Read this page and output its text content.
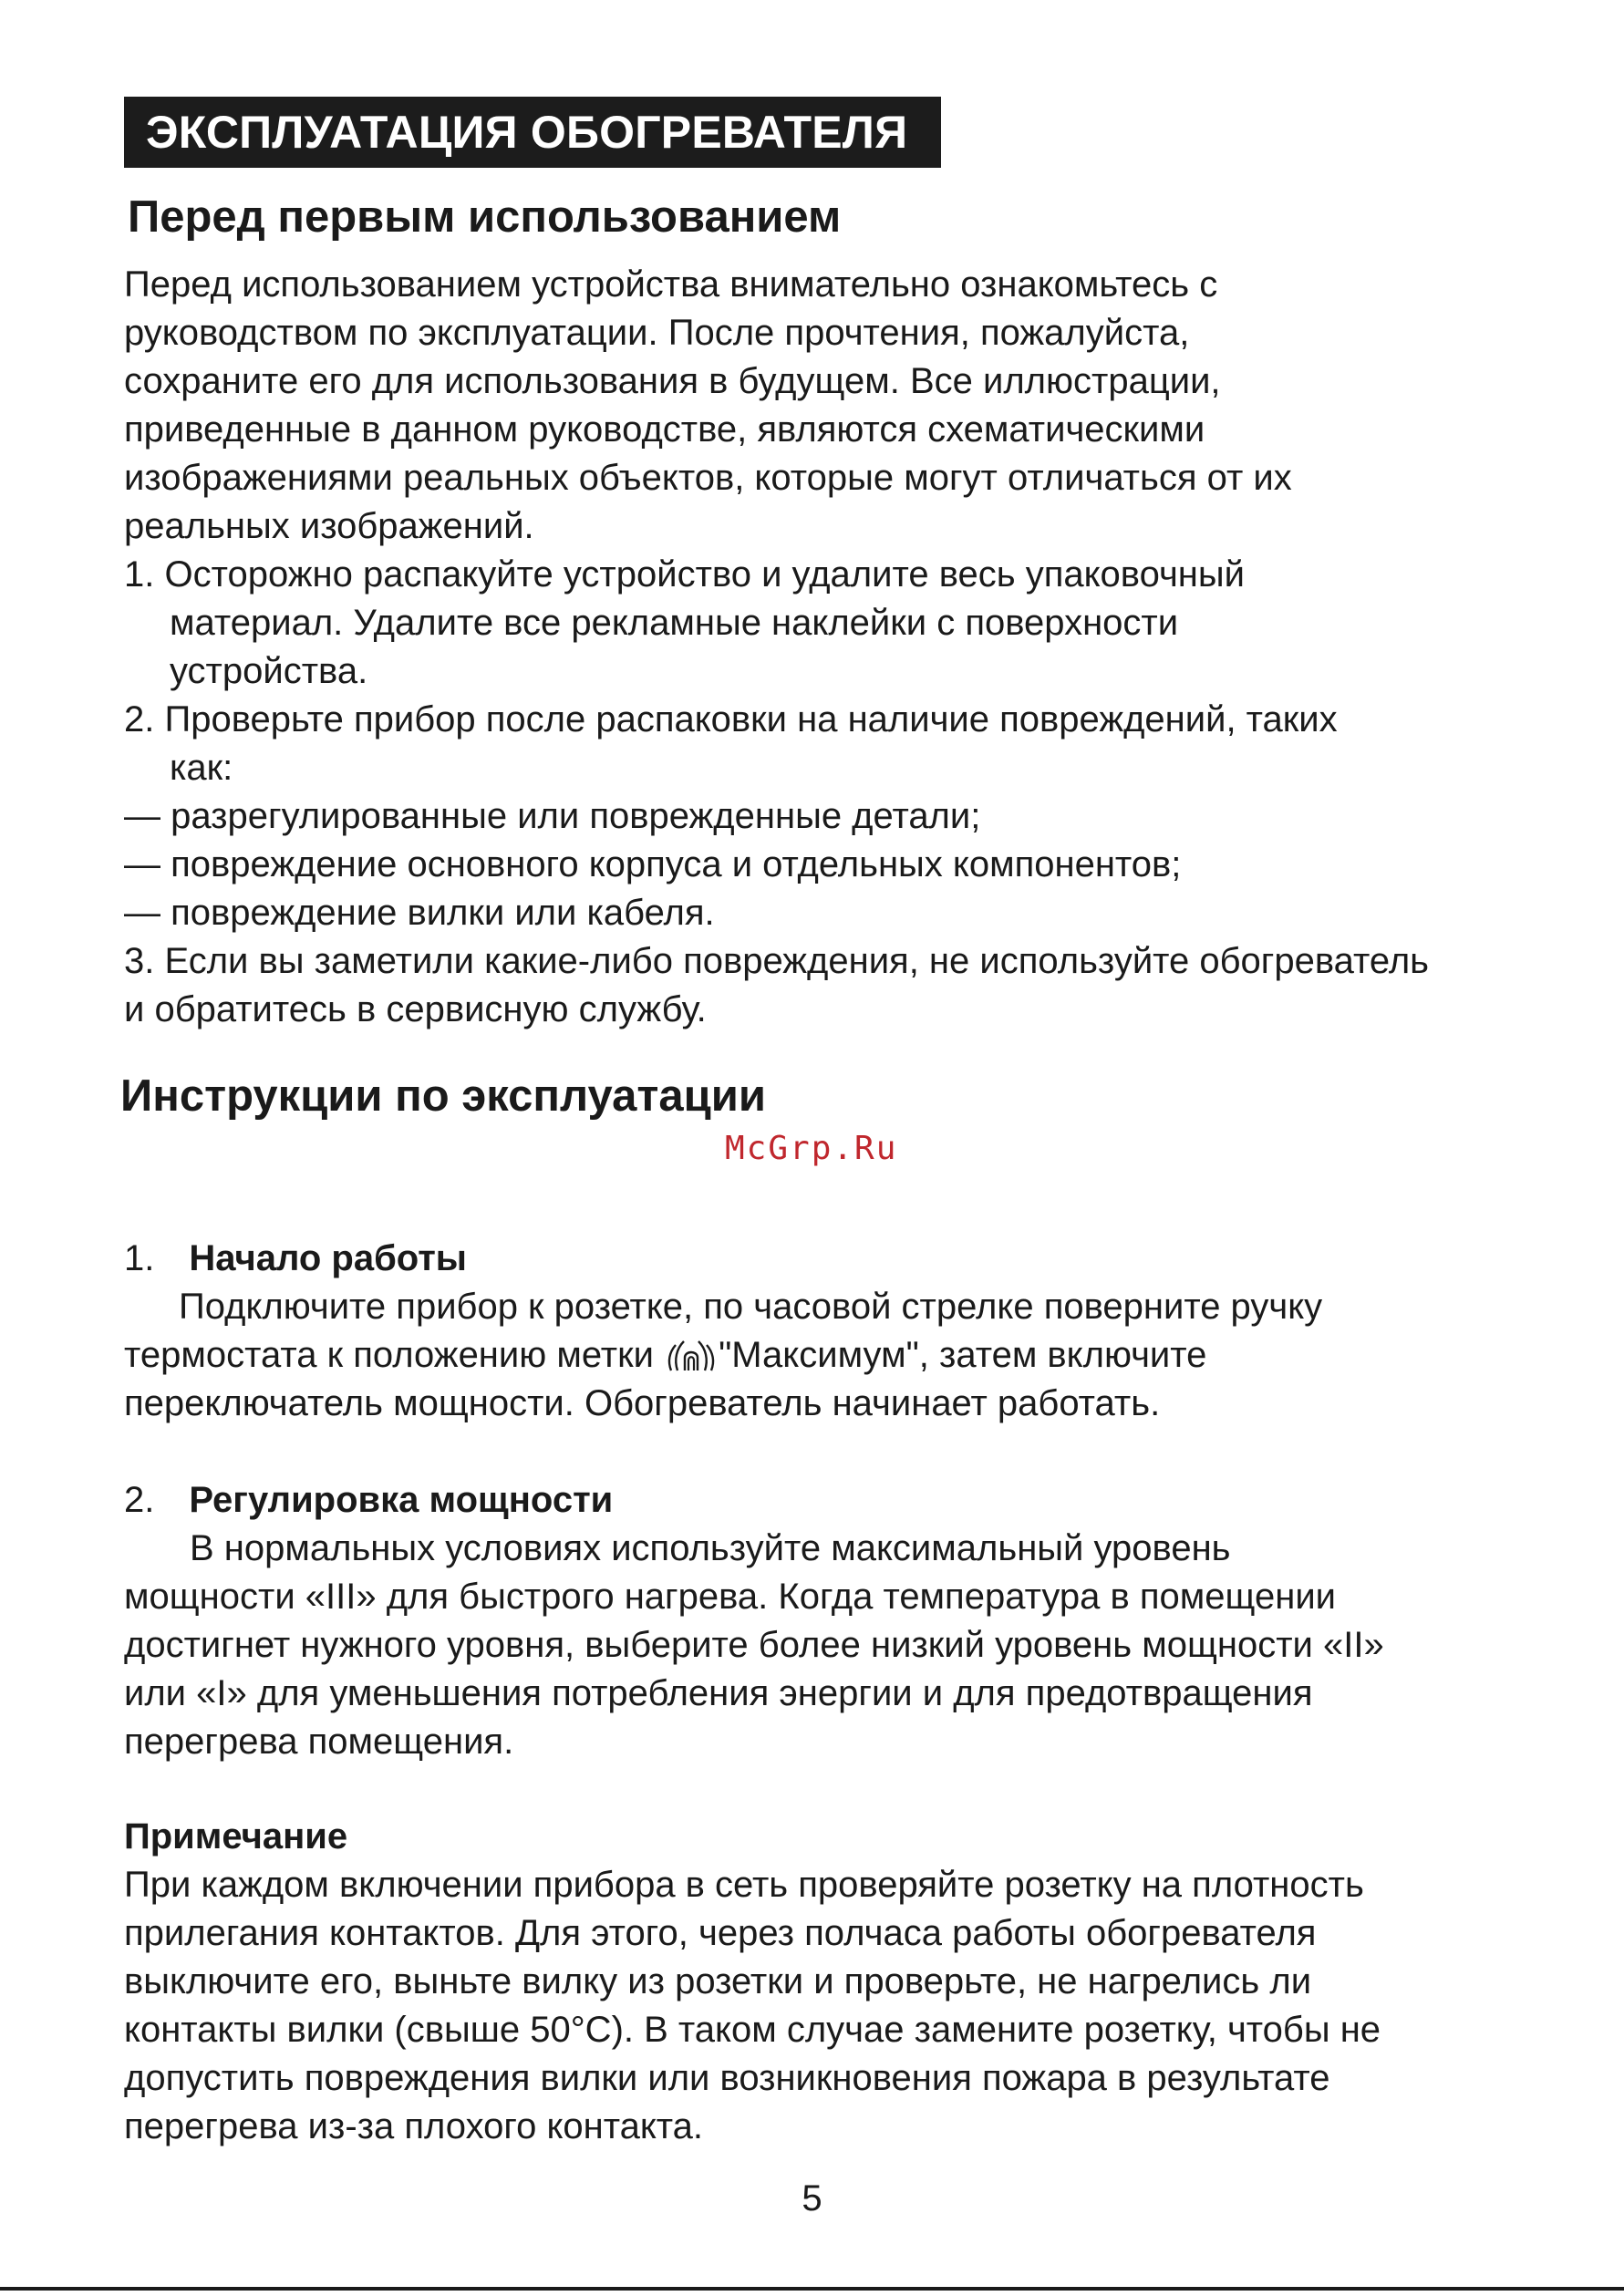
ЭКСПЛУАТАЦИЯ ОБОГРЕВАТЕЛЯ
Перед первым использованием
Перед использованием устройства внимательно ознакомьтесь с
руководством по эксплуатации. После прочтения, пожалуйста,
сохраните его для использования в будущем. Все иллюстрации,
приведенные в данном руководстве, являются схематическими
изображениями реальных объектов, которые могут отличаться от их
реальных изображений.
1. Осторожно распакуйте устройство и удалите весь упаковочный
материал. Удалите все рекламные наклейки с поверхности
устройства.
2. Проверьте прибор после распаковки на наличие повреждений, таких
как:
— разрегулированные или поврежденные детали;
— повреждение основного корпуса и отдельных компонентов;
— повреждение вилки или кабеля.
3. Если вы заметили какие-либо повреждения, не используйте обогреватель
и обратитесь в сервисную службу.
Инструкции по эксплуатации
McGrp.Ru
1. Начало работы
Подключите прибор к розетке, по часовой стрелке поверните ручку
термостата к положению метки "Максимум", затем включите
переключатель мощности. Обогреватель начинает работать.
2. Регулировка мощности
В нормальных условиях используйте максимальный уровень
мощности «III» для быстрого нагрева. Когда температура в помещении
достигнет нужного уровня, выберите более низкий уровень мощности «II»
или «I» для уменьшения потребления энергии и для предотвращения
перегрева помещения.
Примечание
При каждом включении прибора в сеть проверяйте розетку на плотность
прилегания контактов. Для этого, через полчаса работы обогревателя
выключите его, выньте вилку из розетки и проверьте, не нагрелись ли
контакты вилки (свыше 50°C). В таком случае замените розетку, чтобы не
допустить повреждения вилки или возникновения пожара в результате
перегрева из-за плохого контакта.
5
